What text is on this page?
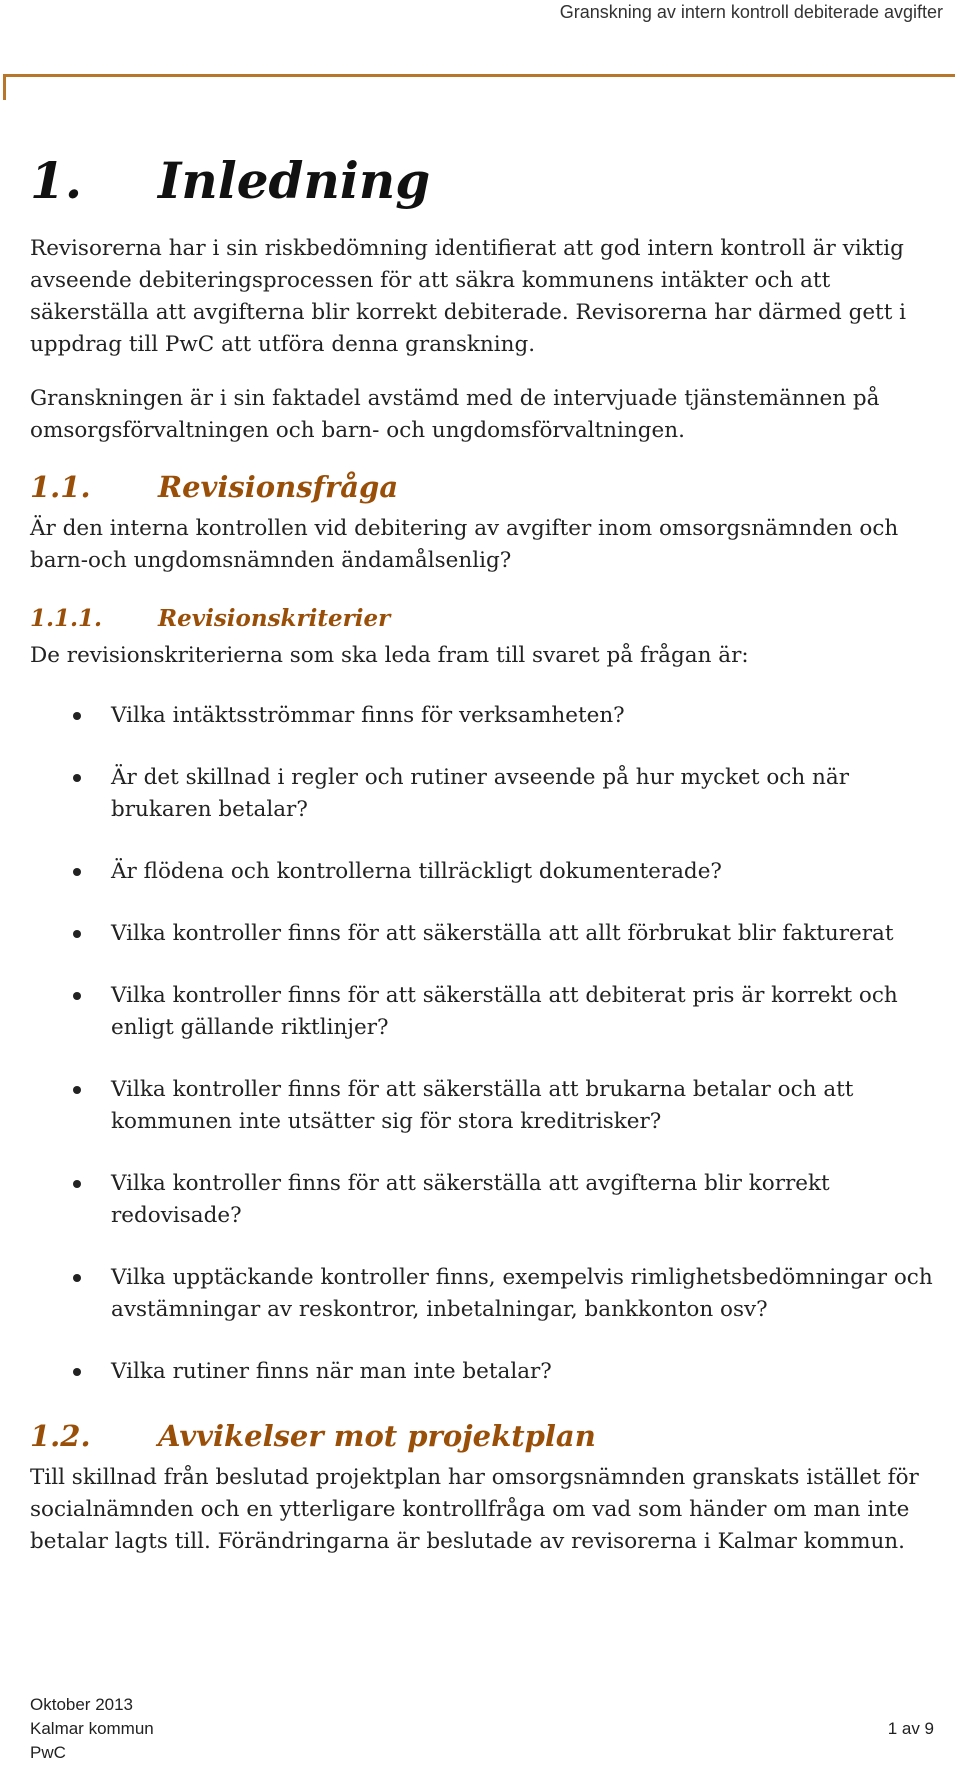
Granskning av intern kontroll debiterade avgifter
1. Inledning

Revisorerna har i sin riskbedömning identifierat att god intern kontroll är viktig avseende debiteringsprocessen för att säkra kommunens intäkter och att säkerställa att avgifterna blir korrekt debiterade. Revisorerna har därmed gett i uppdrag till PwC att utföra denna granskning.

Granskningen är i sin faktadel avstämd med de intervjuade tjänstemännen på omsorgsförvaltningen och barn- och ungdomsförvaltningen.

1.1. Revisionsfråga

Är den interna kontrollen vid debitering av avgifter inom omsorgsnämnden och barn-och ungdomsnämnden ändamålsenlig?

1.1.1. Revisionskriterier

De revisionskriterierna som ska leda fram till svaret på frågan är:

Vilka intäktsströmmar finns för verksamheten?
Är det skillnad i regler och rutiner avseende på hur mycket och när brukaren betalar?
Är flödena och kontrollerna tillräckligt dokumenterade?
Vilka kontroller finns för att säkerställa att allt förbrukat blir fakturerat
Vilka kontroller finns för att säkerställa att debiterat pris är korrekt och enligt gällande riktlinjer?
Vilka kontroller finns för att säkerställa att brukarna betalar och att kommunen inte utsätter sig för stora kreditrisker?
Vilka kontroller finns för att säkerställa att avgifterna blir korrekt redovisade?
Vilka upptäckande kontroller finns, exempelvis rimlighetsbedömningar och avstämningar av reskontror, inbetalningar, bankkonton osv?
Vilka rutiner finns när man inte betalar?
1.2. Avvikelser mot projektplan

Till skillnad från beslutad projektplan har omsorgsnämnden granskats istället för socialnämnden och en ytterligare kontrollfråga om vad som händer om man inte betalar lagts till. Förändringarna är beslutade av revisorerna i Kalmar kommun.

Oktober 2013
Kalmar kommun
PwC
1 av 9
